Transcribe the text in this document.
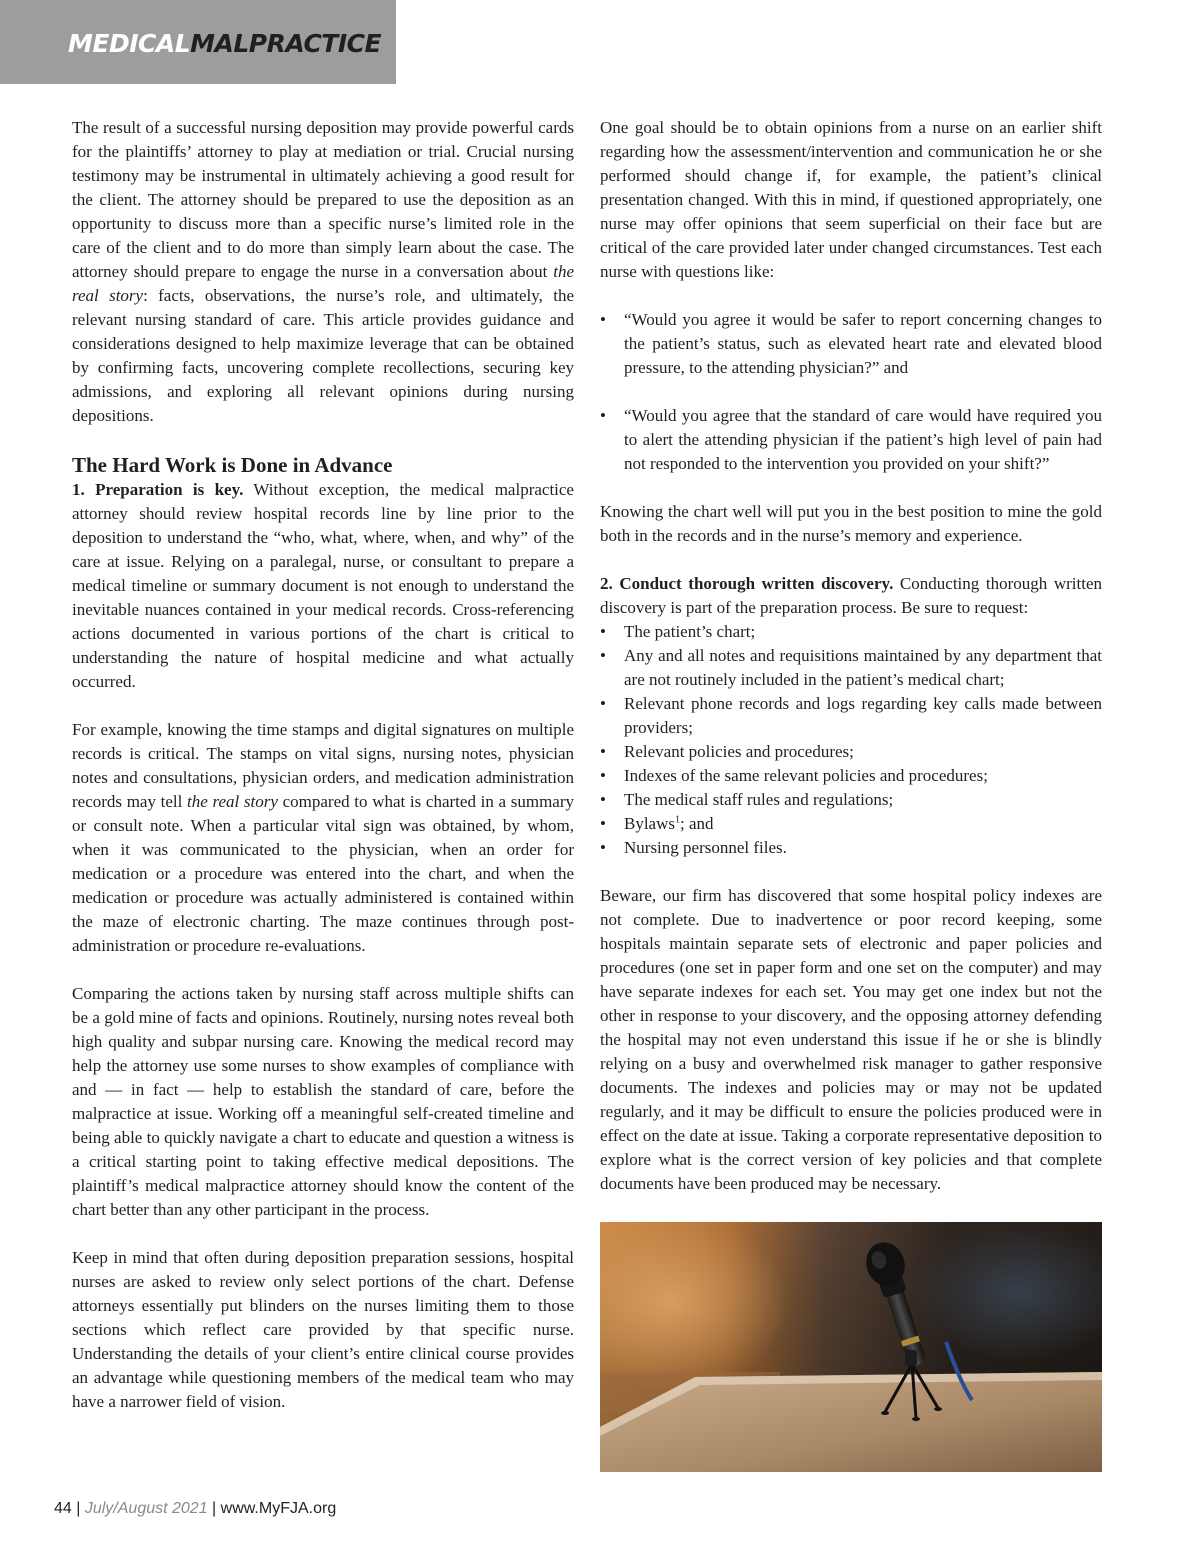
MEDICALMALPRACTICE

The result of a successful nursing deposition may provide powerful cards for the plaintiffs’ attorney to play at mediation or trial. Crucial nursing testimony may be instrumental in ultimately achieving a good result for the client. The attorney should be prepared to use the deposition as an opportunity to discuss more than a specific nurse’s limited role in the care of the client and to do more than simply learn about the case. The attorney should prepare to engage the nurse in a conversation about the real story: facts, observations, the nurse’s role, and ultimately, the relevant nursing standard of care. This article provides guidance and considerations designed to help maximize leverage that can be obtained by confirming facts, uncovering complete recollections, securing key admissions, and exploring all relevant opinions during nursing depositions.

The Hard Work is Done in Advance

1. Preparation is key. Without exception, the medical malpractice attorney should review hospital records line by line prior to the deposition to understand the “who, what, where, when, and why” of the care at issue. Relying on a paralegal, nurse, or consultant to prepare a medical timeline or summary document is not enough to understand the inevitable nuances contained in your medical records. Cross-referencing actions documented in various portions of the chart is critical to understanding the nature of hospital medicine and what actually occurred.

For example, knowing the time stamps and digital signatures on multiple records is critical. The stamps on vital signs, nursing notes, physician notes and consultations, physician orders, and medication administration records may tell the real story compared to what is charted in a summary or consult note. When a particular vital sign was obtained, by whom, when it was communicated to the physician, when an order for medication or a procedure was entered into the chart, and when the medication or procedure was actually administered is contained within the maze of electronic charting. The maze continues through post-administration or procedure re-evaluations.

Comparing the actions taken by nursing staff across multiple shifts can be a gold mine of facts and opinions. Routinely, nursing notes reveal both high quality and subpar nursing care. Knowing the medical record may help the attorney use some nurses to show examples of compliance with and — in fact — help to establish the standard of care, before the malpractice at issue. Working off a meaningful self-created timeline and being able to quickly navigate a chart to educate and question a witness is a critical starting point to taking effective medical depositions. The plaintiff’s medical malpractice attorney should know the content of the chart better than any other participant in the process.

Keep in mind that often during deposition preparation sessions, hospital nurses are asked to review only select portions of the chart. Defense attorneys essentially put blinders on the nurses limiting them to those sections which reflect care provided by that specific nurse. Understanding the details of your client’s entire clinical course provides an advantage while questioning members of the medical team who may have a narrower field of vision.

One goal should be to obtain opinions from a nurse on an earlier shift regarding how the assessment/intervention and communication he or she performed should change if, for example, the patient’s clinical presentation changed. With this in mind, if questioned appropriately, one nurse may offer opinions that seem superficial on their face but are critical of the care provided later under changed circumstances. Test each nurse with questions like:

• “Would you agree it would be safer to report concerning changes to the patient’s status, such as elevated heart rate and elevated blood pressure, to the attending physician?” and
• “Would you agree that the standard of care would have required you to alert the attending physician if the patient’s high level of pain had not responded to the intervention you provided on your shift?”

Knowing the chart well will put you in the best position to mine the gold both in the records and in the nurse’s memory and experience.

2. Conduct thorough written discovery. Conducting thorough written discovery is part of the preparation process. Be sure to request:

• The patient’s chart;
• Any and all notes and requisitions maintained by any department that are not routinely included in the patient’s medical chart;
• Relevant phone records and logs regarding key calls made between providers;
• Relevant policies and procedures;
• Indexes of the same relevant policies and procedures;
• The medical staff rules and regulations;
• Bylaws$^1$; and
• Nursing personnel files.

Beware, our firm has discovered that some hospital policy indexes are not complete. Due to inadvertence or poor record keeping, some hospitals maintain separate sets of electronic and paper policies and procedures (one set in paper form and one set on the computer) and may have separate indexes for each set. You may get one index but not the other in response to your discovery, and the opposing attorney defending the hospital may not even understand this issue if he or she is blindly relying on a busy and overwhelmed risk manager to gather responsive documents. The indexes and policies may or may not be updated regularly, and it may be difficult to ensure the policies produced were in effect on the date at issue. Taking a corporate representative deposition to explore what is the correct version of key policies and that complete documents have been produced may be necessary.

44 | July/August 2021 | www.MyFJA.org
